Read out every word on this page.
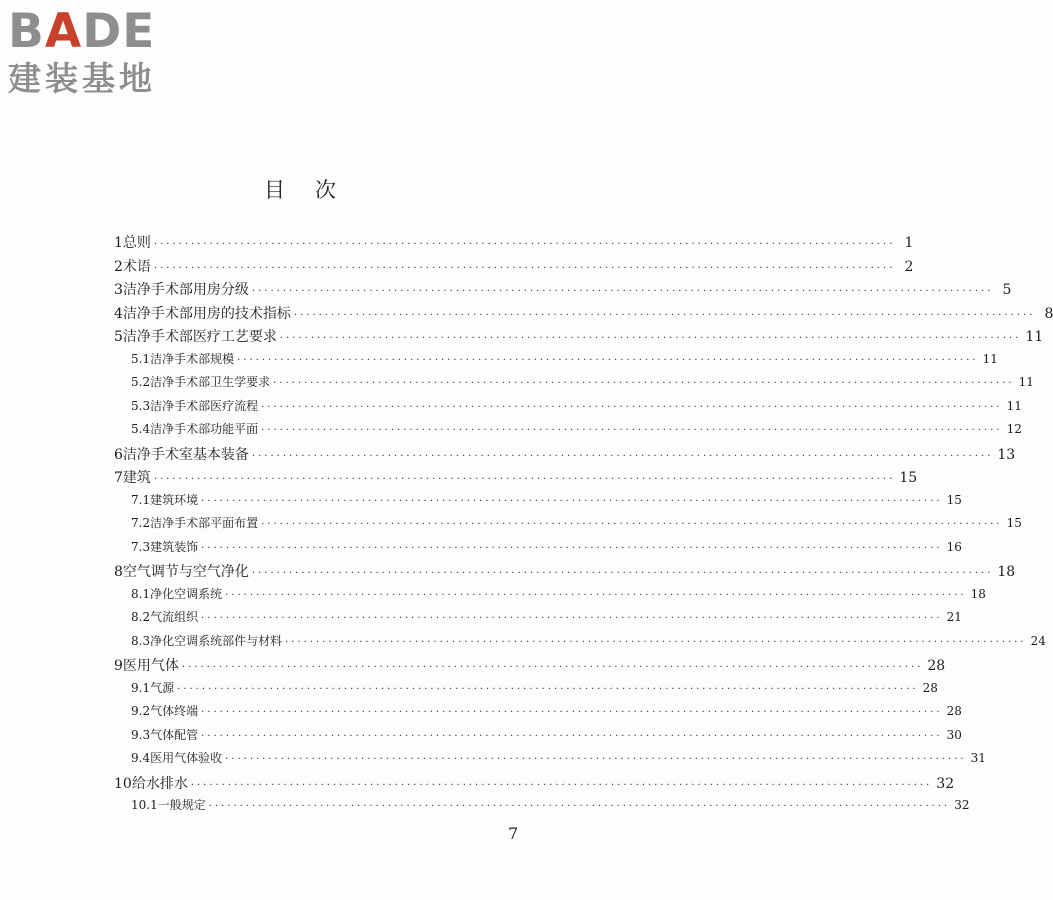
BADE
建装基地
目次
1 总则 ························································································································ 1
2 术语 ························································································································ 2
3 洁净手术部用房分级 ························································································································ 5
4 洁净手术部用房的技术指标 ························································································································ 8
5 洁净手术部医疗工艺要求 ························································································································ 11
5.1 洁净手术部规模 ························································································································ 11
5.2 洁净手术部卫生学要求 ························································································································ 11
5.3 洁净手术部医疗流程 ························································································································ 11
5.4 洁净手术部功能平面 ························································································································ 12
6 洁净手术室基本装备 ························································································································ 13
7 建筑 ························································································································ 15
7.1 建筑环境 ························································································································ 15
7.2 洁净手术部平面布置 ························································································································ 15
7.3 建筑装饰 ························································································································ 16
8 空气调节与空气净化 ························································································································ 18
8.1 净化空调系统 ························································································································ 18
8.2 气流组织 ························································································································ 21
8.3 净化空调系统部件与材料 ························································································································ 24
9 医用气体 ························································································································ 28
9.1 气源 ························································································································ 28
9.2 气体终端 ························································································································ 28
9.3 气体配管 ························································································································ 30
9.4 医用气体验收 ························································································································ 31
10 给水排水 ························································································································ 32
10.1 一般规定 ························································································································ 32
7
